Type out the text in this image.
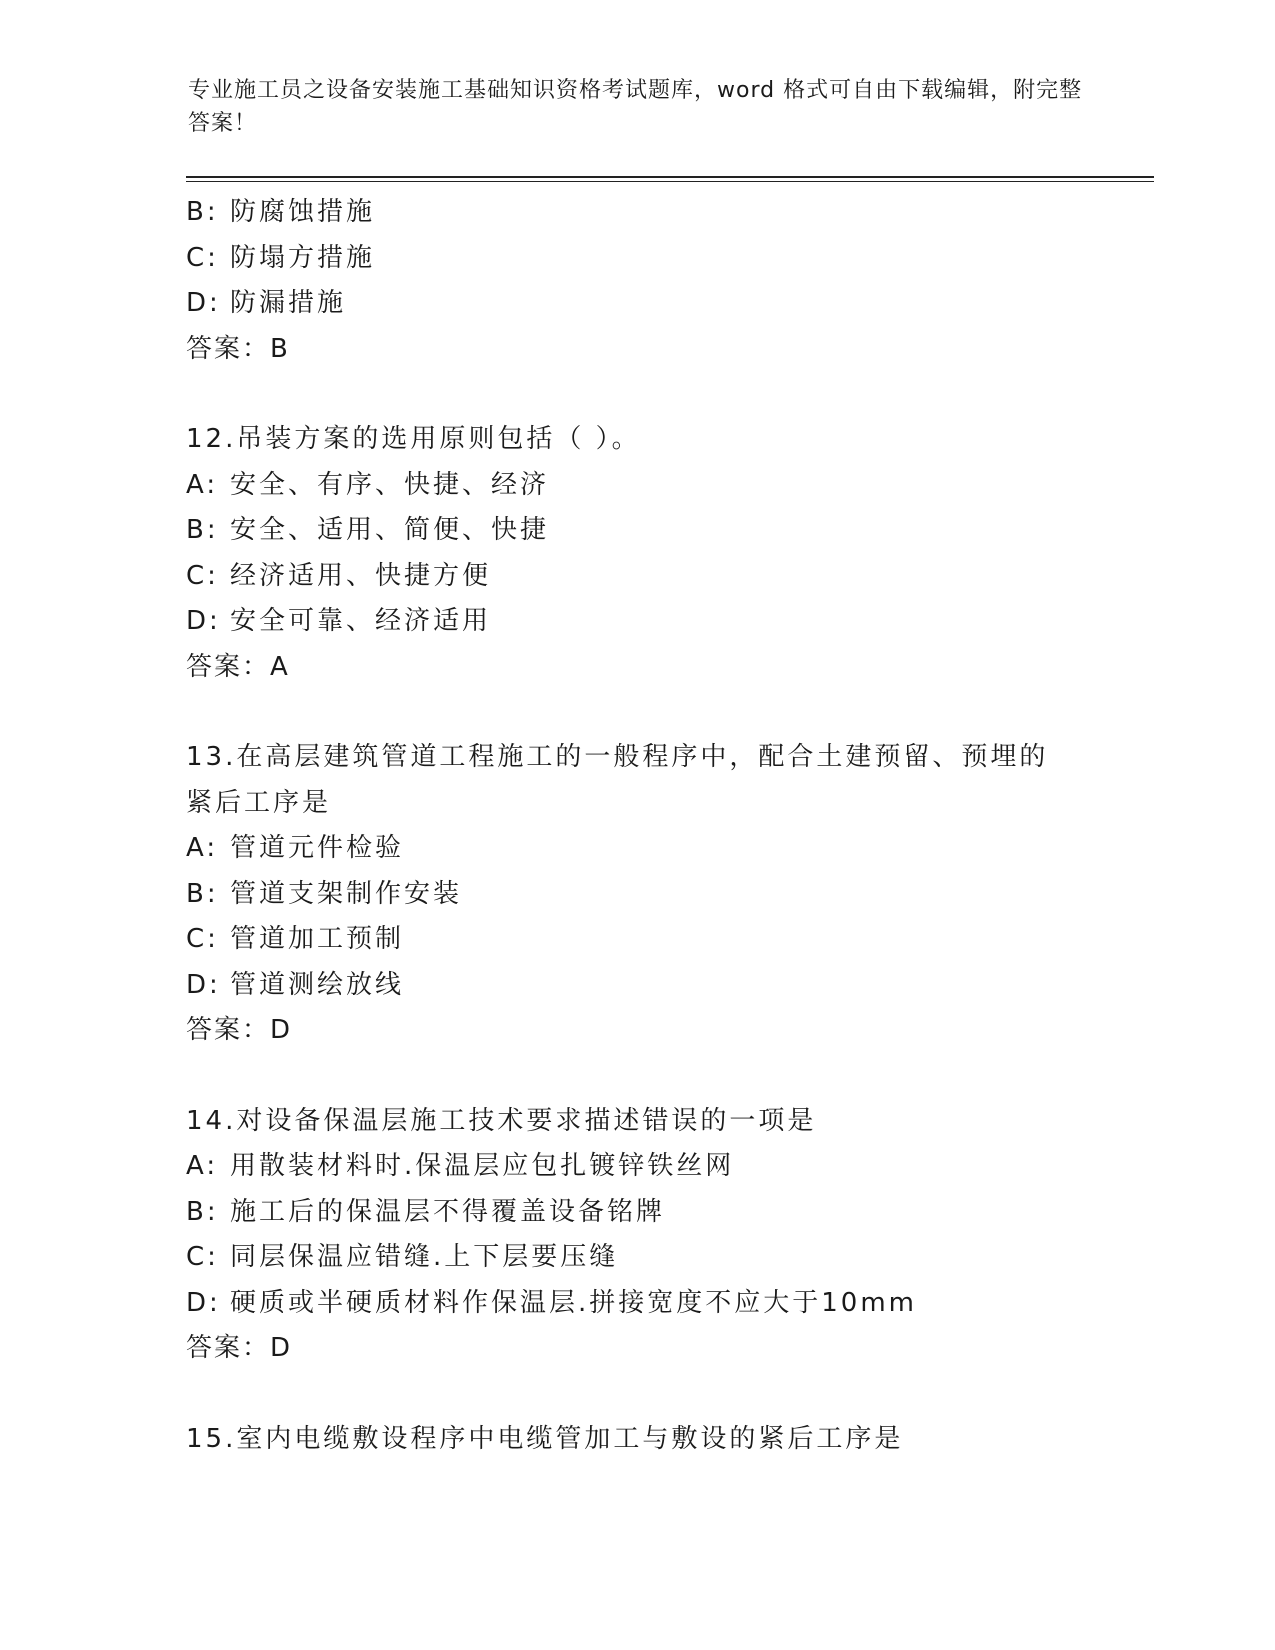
专业施工员之设备安装施工基础知识资格考试题库，word 格式可自由下载编辑，附完整答案！
B: 防腐蚀措施
C: 防塌方措施
D: 防漏措施
答案：B
12.吊装方案的选用原则包括（ ）。
A: 安全、有序、快捷、经济
B: 安全、适用、简便、快捷
C: 经济适用、快捷方便
D: 安全可靠、经济适用
答案：A
13.在高层建筑管道工程施工的一般程序中，配合土建预留、预埋的紧后工序是
A: 管道元件检验
B: 管道支架制作安装
C: 管道加工预制
D: 管道测绘放线
答案：D
14.对设备保温层施工技术要求描述错误的一项是
A: 用散装材料时.保温层应包扎镀锌铁丝网
B: 施工后的保温层不得覆盖设备铭牌
C: 同层保温应错缝.上下层要压缝
D: 硬质或半硬质材料作保温层.拼接宽度不应大于10mm
答案：D
15.室内电缆敷设程序中电缆管加工与敷设的紧后工序是
